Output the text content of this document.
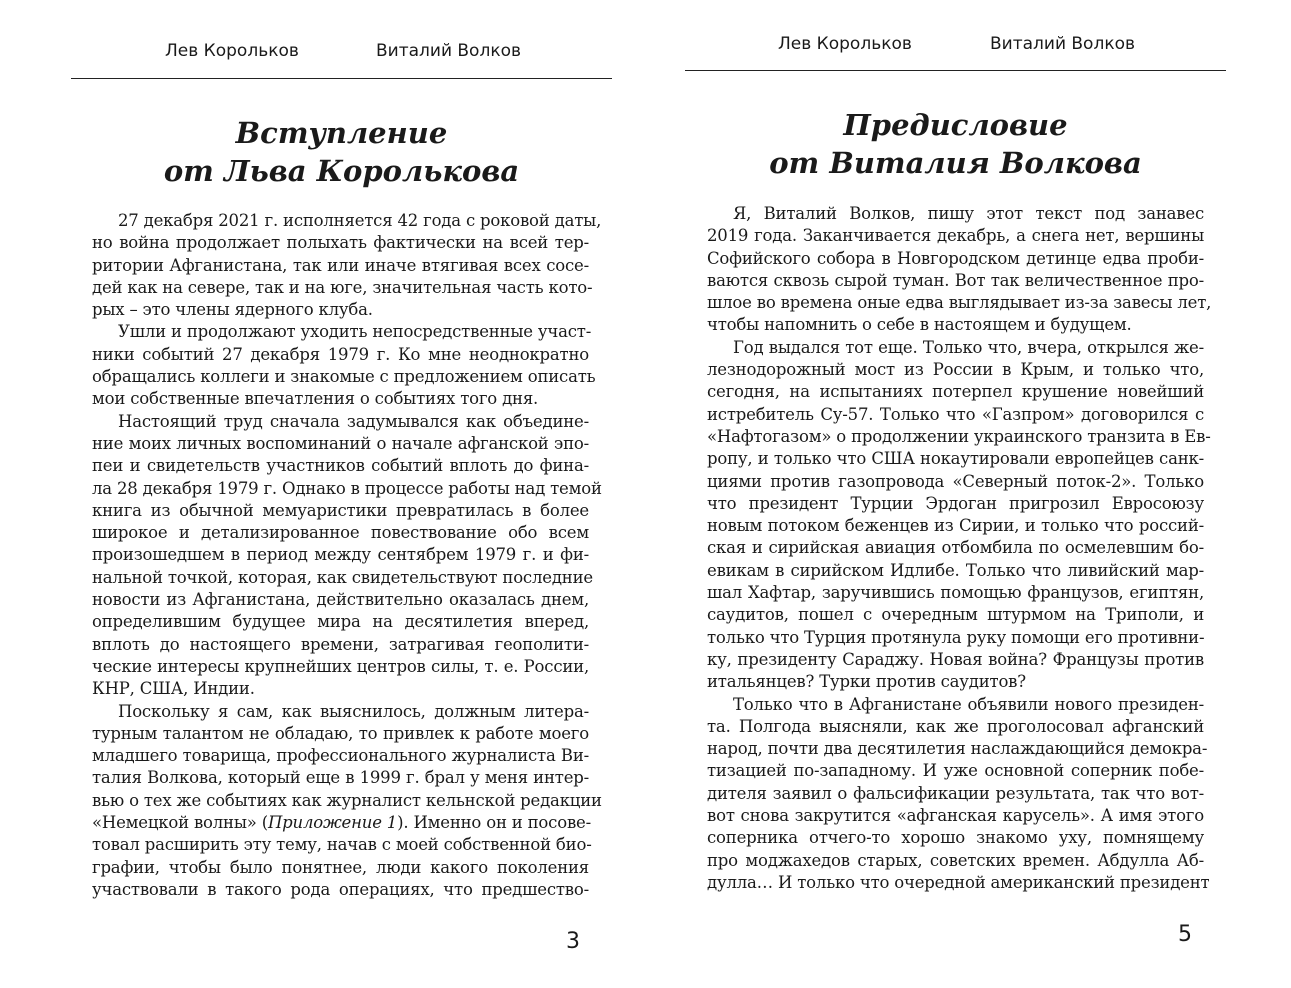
Лев Корольков	Виталий Волков
Вступление
от Льва Королькова
27 декабря 2021 г. исполняется 42 года с роковой даты,
но война продолжает полыхать фактически на всей тер-
ритории Афганистана, так или иначе втягивая всех сосе-
дей как на севере, так и на юге, значительная часть кото-
рых – это члены ядерного клуба.
Ушли и продолжают уходить непосредственные участ-
ники событий 27 декабря 1979 г. Ко мне неоднократно
обращались коллеги и знакомые с предложением описать
мои собственные впечатления о событиях того дня.
Настоящий труд сначала задумывался как объедине-
ние моих личных воспоминаний о начале афганской эпо-
пеи и свидетельств участников событий вплоть до фина-
ла 28 декабря 1979 г. Однако в процессе работы над темой
книга из обычной мемуаристики превратилась в более
широкое и детализированное повествование обо всем
произошедшем в период между сентябрем 1979 г. и фи-
нальной точкой, которая, как свидетельствуют последние
новости из Афганистана, действительно оказалась днем,
определившим будущее мира на десятилетия вперед,
вплоть до настоящего времени, затрагивая геополити-
ческие интересы крупнейших центров силы, т. е. России,
КНР, США, Индии.
Поскольку я сам, как выяснилось, должным литера-
турным талантом не обладаю, то привлек к работе моего
младшего товарища, профессионального журналиста Ви-
талия Волкова, который еще в 1999 г. брал у меня интер-
вью о тех же событиях как журналист кельнской редакции
«Немецкой волны» (Приложение 1). Именно он и посове-
товал расширить эту тему, начав с моей собственной био-
графии, чтобы было понятнее, люди какого поколения
участвовали в такого рода операциях, что предшество-
3
Лев Корольков	Виталий Волков
Предисловие
от Виталия Волкова
Я, Виталий Волков, пишу этот текст под занавес
2019 года. Заканчивается декабрь, а снега нет, вершины
Софийского собора в Новгородском детинце едва проби-
ваются сквозь сырой туман. Вот так величественное про-
шлое во времена оные едва выглядывает из-за завесы лет,
чтобы напомнить о себе в настоящем и будущем.
Год выдался тот еще. Только что, вчера, открылся же-
лезнодорожный мост из России в Крым, и только что,
сегодня, на испытаниях потерпел крушение новейший
истребитель Су-57. Только что «Газпром» договорился с
«Нафтогазом» о продолжении украинского транзита в Ев-
ропу, и только что США нокаутировали европейцев санк-
циями против газопровода «Северный поток-2». Только
что президент Турции Эрдоган пригрозил Евросоюзу
новым потоком беженцев из Сирии, и только что россий-
ская и сирийская авиация отбомбила по осмелевшим бо-
евикам в сирийском Идлибе. Только что ливийский мар-
шал Хафтар, заручившись помощью французов, египтян,
саудитов, пошел с очередным штурмом на Триполи, и
только что Турция протянула руку помощи его противни-
ку, президенту Сараджу. Новая война? Французы против
итальянцев? Турки против саудитов?
Только что в Афганистане объявили нового президен-
та. Полгода выясняли, как же проголосовал афганский
народ, почти два десятилетия наслаждающийся демокра-
тизацией по-западному. И уже основной соперник побе-
дителя заявил о фальсификации результата, так что вот-
вот снова закрутится «афганская карусель». А имя этого
соперника отчего-то хорошо знакомо уху, помнящему
про моджахедов старых, советских времен. Абдулла Аб-
дулла… И только что очередной американский президент
5
